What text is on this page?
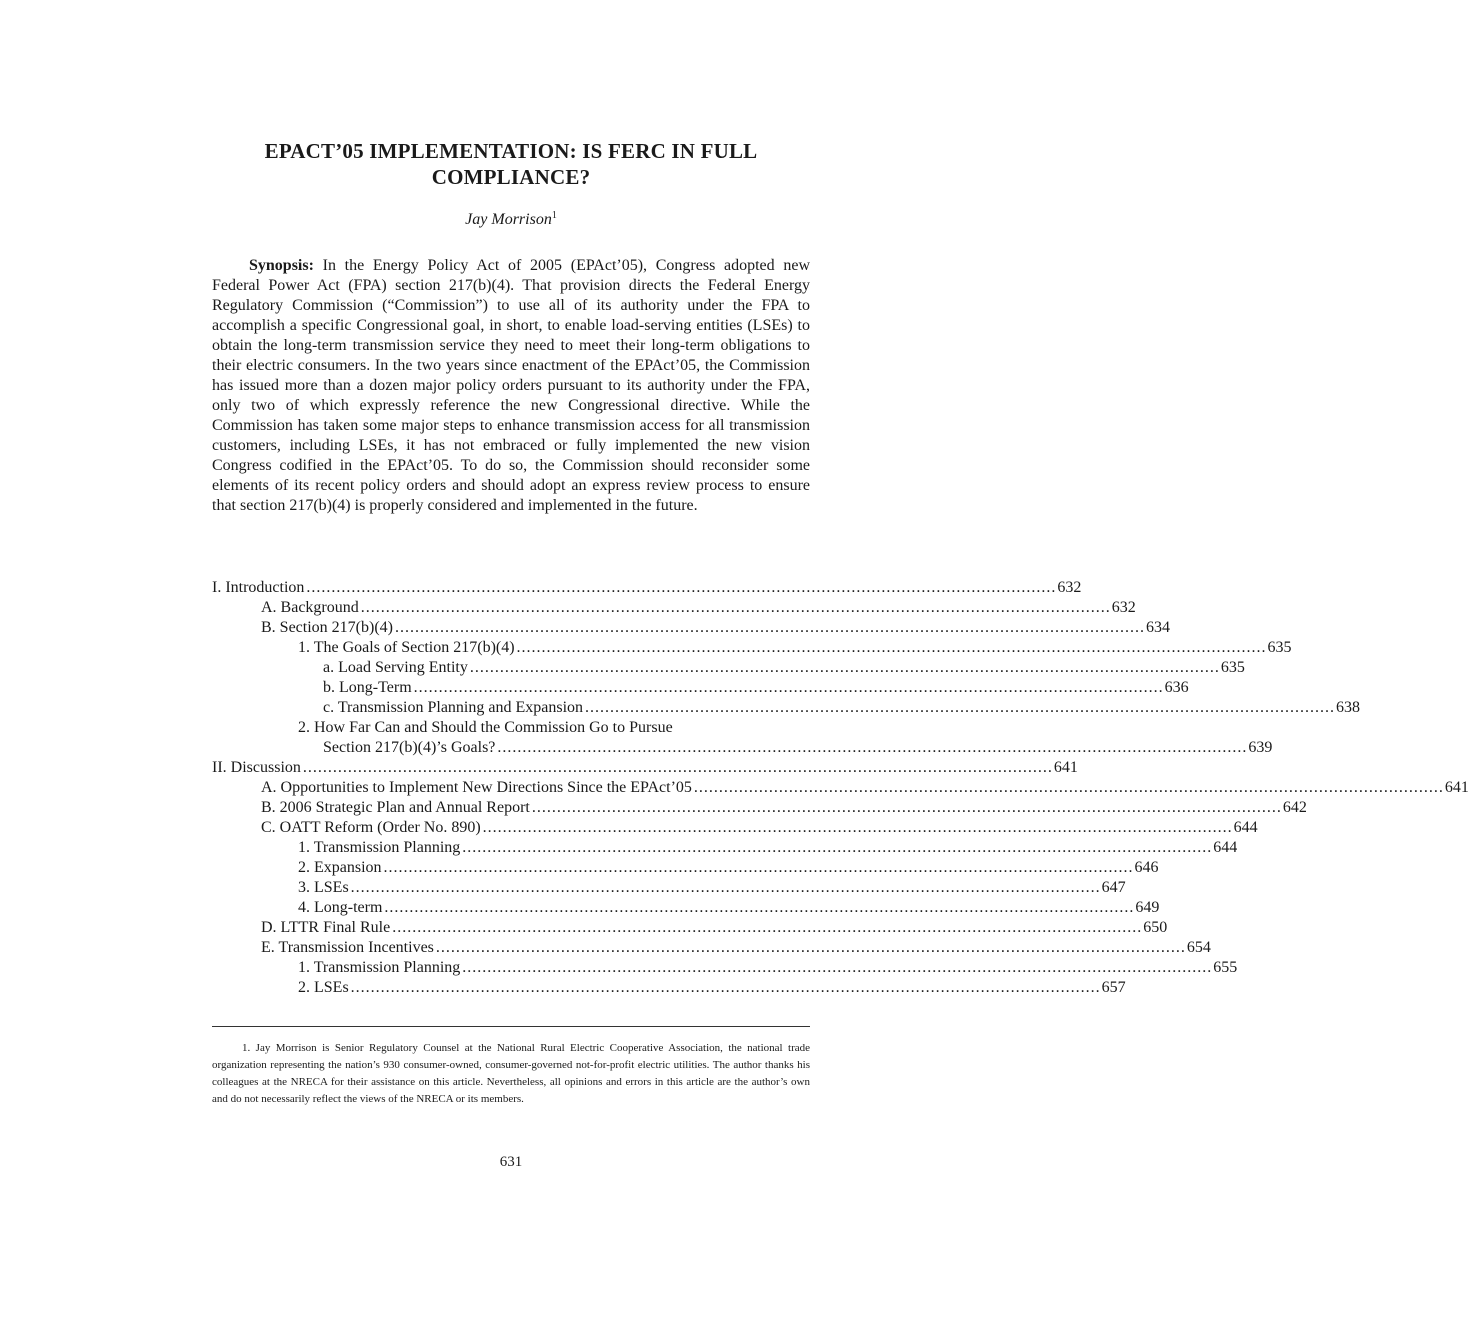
EPACT’05 IMPLEMENTATION: IS FERC IN FULL
COMPLIANCE?
Jay Morrison$^1$

Synopsis: In the Energy Policy Act of 2005 (EPAct’05), Congress adopted new Federal Power Act (FPA) section 217(b)(4). That provision directs the Federal Energy Regulatory Commission (“Commission”) to use all of its authority under the FPA to accomplish a specific Congressional goal, in short, to enable load-serving entities (LSEs) to obtain the long-term transmission service they need to meet their long-term obligations to their electric consumers. In the two years since enactment of the EPAct’05, the Commission has issued more than a dozen major policy orders pursuant to its authority under the FPA, only two of which expressly reference the new Congressional directive. While the Commission has taken some major steps to enhance transmission access for all transmission customers, including LSEs, it has not embraced or fully implemented the new vision Congress codified in the EPAct’05. To do so, the Commission should reconsider some elements of its recent policy orders and should adopt an express review process to ensure that section 217(b)(4) is properly considered and implemented in the future.

I. Introduction ...................................................................................................................................................... 632
A. Background ...................................................................................................................................................... 632
B. Section 217(b)(4) ...................................................................................................................................................... 634
1. The Goals of Section 217(b)(4) ...................................................................................................................................................... 635
a. Load Serving Entity ...................................................................................................................................................... 635
b. Long-Term ...................................................................................................................................................... 636
c. Transmission Planning and Expansion ...................................................................................................................................................... 638
2. How Far Can and Should the Commission Go to Pursue
Section 217(b)(4)’s Goals? ...................................................................................................................................................... 639
II. Discussion ...................................................................................................................................................... 641
A. Opportunities to Implement New Directions Since the EPAct’05 ...................................................................................................................................................... 641
B. 2006 Strategic Plan and Annual Report ...................................................................................................................................................... 642
C. OATT Reform (Order No. 890) ...................................................................................................................................................... 644
1. Transmission Planning ...................................................................................................................................................... 644
2. Expansion ...................................................................................................................................................... 646
3. LSEs ...................................................................................................................................................... 647
4. Long-term ...................................................................................................................................................... 649
D. LTTR Final Rule ...................................................................................................................................................... 650
E. Transmission Incentives ...................................................................................................................................................... 654
1. Transmission Planning ...................................................................................................................................................... 655
2. LSEs ...................................................................................................................................................... 657

1. Jay Morrison is Senior Regulatory Counsel at the National Rural Electric Cooperative Association, the national trade organization representing the nation’s 930 consumer-owned, consumer-governed not-for-profit electric utilities. The author thanks his colleagues at the NRECA for their assistance on this article. Nevertheless, all opinions and errors in this article are the author’s own and do not necessarily reflect the views of the NRECA or its members.

631
